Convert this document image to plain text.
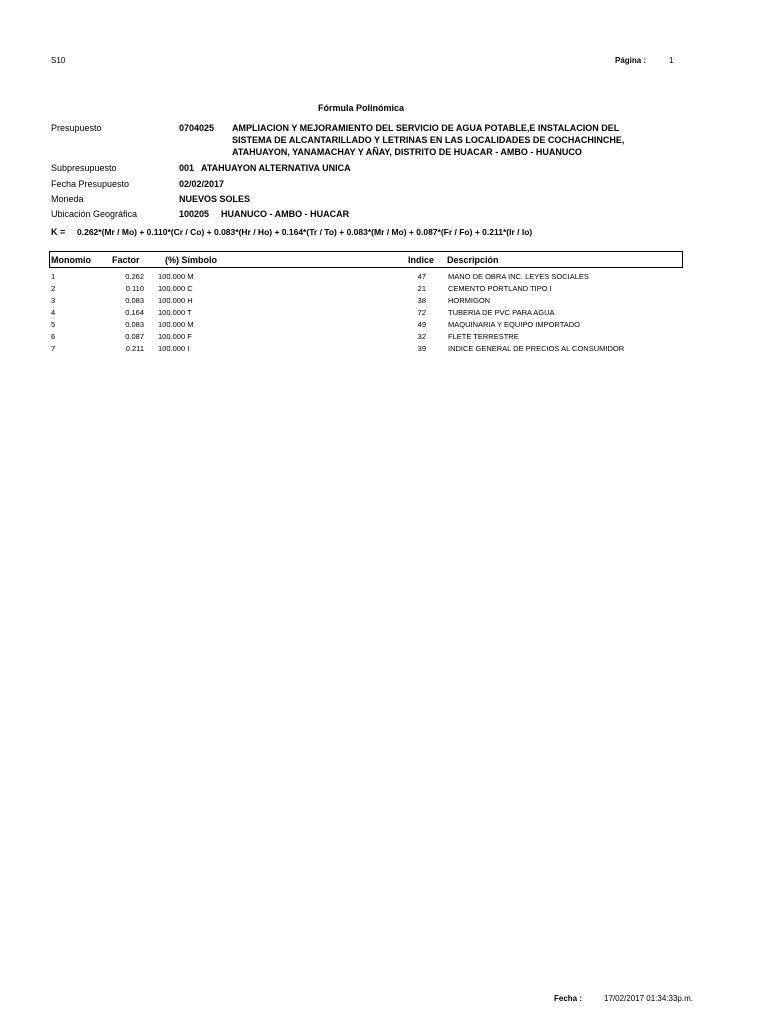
S10	Página :	1
Fórmula Polinómica
Presupuesto	0704025 AMPLIACION Y MEJORAMIENTO DEL SERVICIO DE AGUA POTABLE,E INSTALACION DEL
SISTEMA DE ALCANTARILLADO Y LETRINAS EN LAS LOCALIDADES DE COCHACHINCHE,
ATAHUAYON, YANAMACHAY Y AÑAY, DISTRITO DE HUACAR - AMBO - HUANUCO
Subpresupuesto	001 ATAHUAYON ALTERNATIVA UNICA
Fecha Presupuesto	02/02/2017
Moneda	NUEVOS SOLES
Ubicación Geográfica	100205 HUANUCO - AMBO - HUACAR
K = 0.262*(Mr / Mo) + 0.110*(Cr / Co) + 0.083*(Hr / Ho) + 0.164*(Tr / To) + 0.083*(Mr / Mo) + 0.087*(Fr / Fo) + 0.211*(Ir / Io)
Monomio Factor	(%) Símbolo	Indice Descripción
1	0.262 100.000 M	47	MANO DE OBRA INC. LEYES SOCIALES
2	0.110 100.000 C	21	CEMENTO PORTLAND TIPO I
3	0.083 100.000 H	38	HORMIGON
4	0.164 100.000 T	72	TUBERIA DE PVC PARA AGUA
5	0.083 100.000 M	49	MAQUINARIA Y EQUIPO IMPORTADO
6	0.087 100.000 F	32	FLETE TERRESTRE
7	0.211 100.000 I	39	INDICE GENERAL DE PRECIOS AL CONSUMIDOR
Fecha :	17/02/2017 01:34:33p.m.
